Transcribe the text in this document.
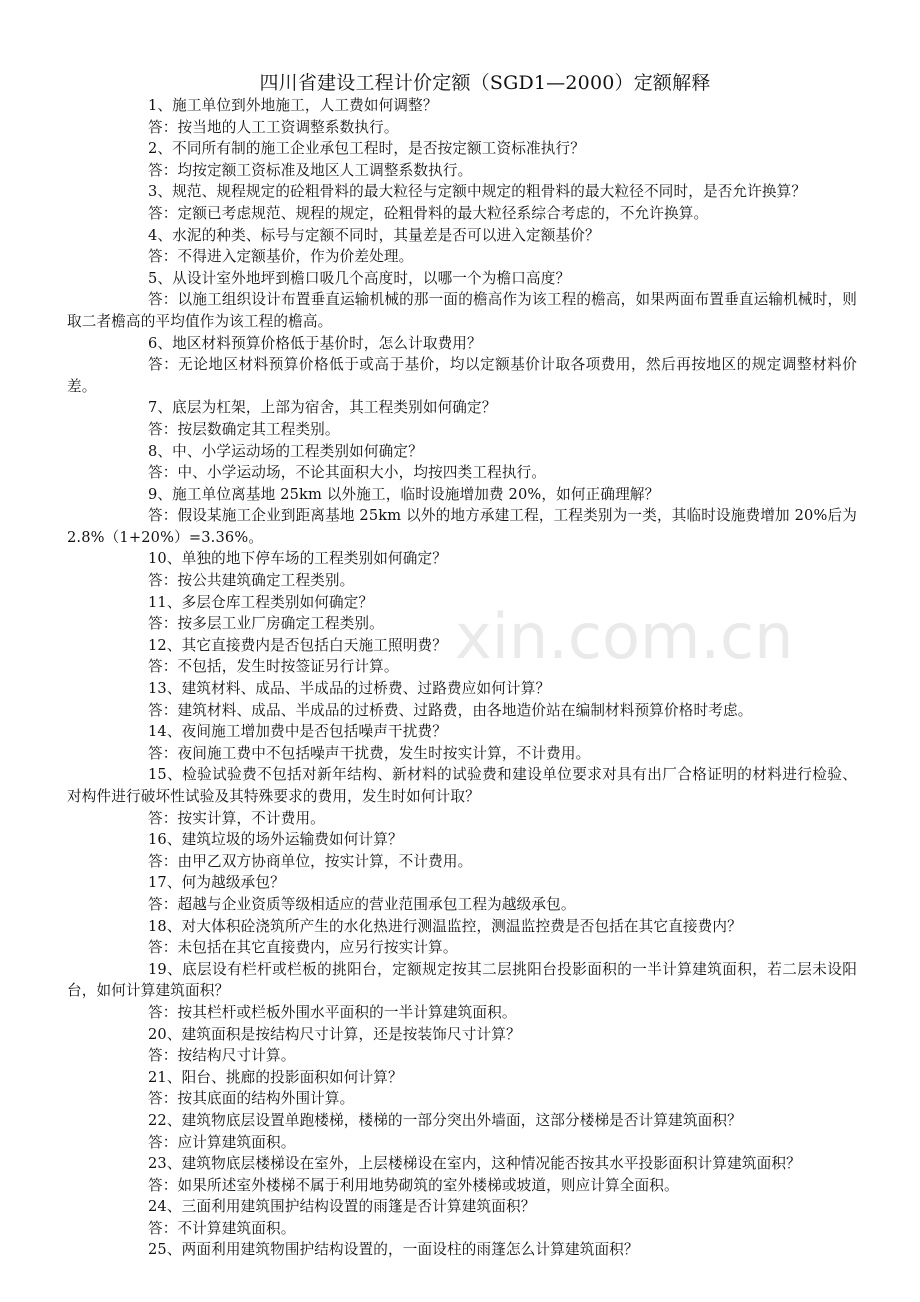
xin.com.cn
四川省建设工程计价定额（SGD1—2000）定额解释
1、施工单位到外地施工，人工费如何调整？
答：按当地的人工工资调整系数执行。
2、不同所有制的施工企业承包工程时，是否按定额工资标准执行？
答：均按定额工资标准及地区人工调整系数执行。
3、规范、规程规定的砼粗骨料的最大粒径与定额中规定的粗骨料的最大粒径不同时，是否允许换算？
答：定额已考虑规范、规程的规定，砼粗骨料的最大粒径系综合考虑的，不允许换算。
4、水泥的种类、标号与定额不同时，其量差是否可以进入定额基价？
答：不得进入定额基价，作为价差处理。
5、从设计室外地坪到檐口吸几个高度时，以哪一个为檐口高度？
答：以施工组织设计布置垂直运输机械的那一面的檐高作为该工程的檐高，如果两面布置垂直运输机械时，则取二者檐高的平均值作为该工程的檐高。
6、地区材料预算价格低于基价时，怎么计取费用？
答：无论地区材料预算价格低于或高于基价，均以定额基价计取各项费用，然后再按地区的规定调整材料价差。
7、底层为杠架，上部为宿舍，其工程类别如何确定？
答：按层数确定其工程类别。
8、中、小学运动场的工程类别如何确定？
答：中、小学运动场，不论其面积大小，均按四类工程执行。
9、施工单位离基地 25km 以外施工，临时设施增加费 20%，如何正确理解？
答：假设某施工企业到距离基地 25km 以外的地方承建工程，工程类别为一类，其临时设施费增加 20%后为 2.8%（1+20%）=3.36%。
10、单独的地下停车场的工程类别如何确定？
答：按公共建筑确定工程类别。
11、多层仓库工程类别如何确定？
答：按多层工业厂房确定工程类别。
12、其它直接费内是否包括白天施工照明费？
答：不包括，发生时按签证另行计算。
13、建筑材料、成品、半成品的过桥费、过路费应如何计算？
答：建筑材料、成品、半成品的过桥费、过路费，由各地造价站在编制材料预算价格时考虑。
14、夜间施工增加费中是否包括噪声干扰费？
答：夜间施工费中不包括噪声干扰费，发生时按实计算，不计费用。
15、检验试验费不包括对新年结构、新材料的试验费和建设单位要求对具有出厂合格证明的材料进行检验、对构件进行破坏性试验及其特殊要求的费用，发生时如何计取？
答：按实计算，不计费用。
16、建筑垃圾的场外运输费如何计算？
答：由甲乙双方协商单位，按实计算，不计费用。
17、何为越级承包？
答：超越与企业资质等级相适应的营业范围承包工程为越级承包。
18、对大体积砼浇筑所产生的水化热进行测温监控，测温监控费是否包括在其它直接费内？
答：未包括在其它直接费内，应另行按实计算。
19、底层设有栏杆或栏板的挑阳台，定额规定按其二层挑阳台投影面积的一半计算建筑面积，若二层未设阳台，如何计算建筑面积？
答：按其栏杆或栏板外围水平面积的一半计算建筑面积。
20、建筑面积是按结构尺寸计算，还是按装饰尺寸计算？
答：按结构尺寸计算。
21、阳台、挑廊的投影面积如何计算？
答：按其底面的结构外围计算。
22、建筑物底层设置单跑楼梯，楼梯的一部分突出外墙面，这部分楼梯是否计算建筑面积？
答：应计算建筑面积。
23、建筑物底层楼梯设在室外，上层楼梯设在室内，这种情况能否按其水平投影面积计算建筑面积？
答：如果所述室外楼梯不属于利用地势砌筑的室外楼梯或坡道，则应计算全面积。
24、三面利用建筑围护结构设置的雨篷是否计算建筑面积？
答：不计算建筑面积。
25、两面利用建筑物围护结构设置的，一面设柱的雨篷怎么计算建筑面积？
